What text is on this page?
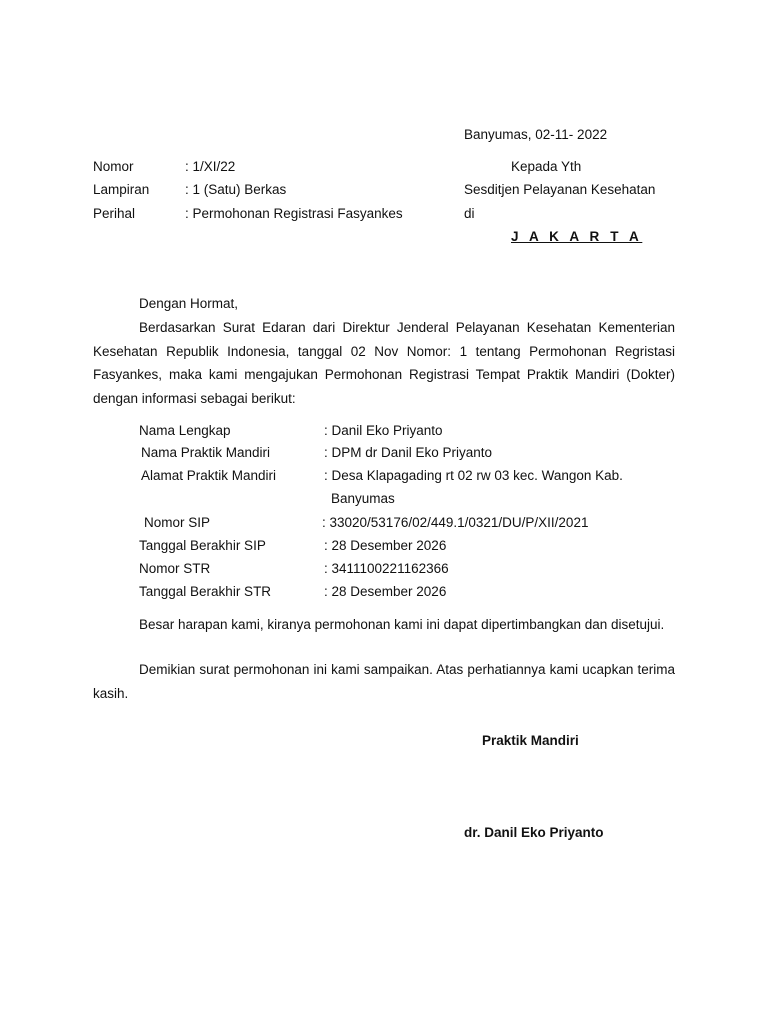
Banyumas, 02-11- 2022
Nomor	: 1/XI/22
Lampiran	: 1 (Satu) Berkas
Perihal	: Permohonan Registrasi Fasyankes
Kepada Yth
Sesditjen Pelayanan Kesehatan
di
J A K A R T A
Dengan Hormat,
Berdasarkan Surat Edaran dari Direktur Jenderal Pelayanan Kesehatan Kementerian Kesehatan Republik Indonesia, tanggal 02 Nov Nomor: 1 tentang Permohonan Regristasi Fasyankes, maka kami mengajukan Permohonan Registrasi Tempat Praktik Mandiri (Dokter) dengan informasi sebagai berikut:
Nama Lengkap	: Danil Eko Priyanto
Nama Praktik Mandiri	: DPM dr Danil Eko Priyanto
Alamat Praktik Mandiri	: Desa Klapagading rt 02 rw 03 kec. Wangon Kab.
Banyumas
Nomor SIP	: 33020/53176/02/449.1/0321/DU/P/XII/2021
Tanggal Berakhir SIP	: 28 Desember 2026
Nomor STR	: 3411100221162366
Tanggal Berakhir STR	: 28 Desember 2026
Besar harapan kami, kiranya permohonan kami ini dapat dipertimbangkan dan disetujui.
Demikian surat permohonan ini kami sampaikan. Atas perhatiannya kami ucapkan terima kasih.
Praktik Mandiri
dr. Danil Eko Priyanto
